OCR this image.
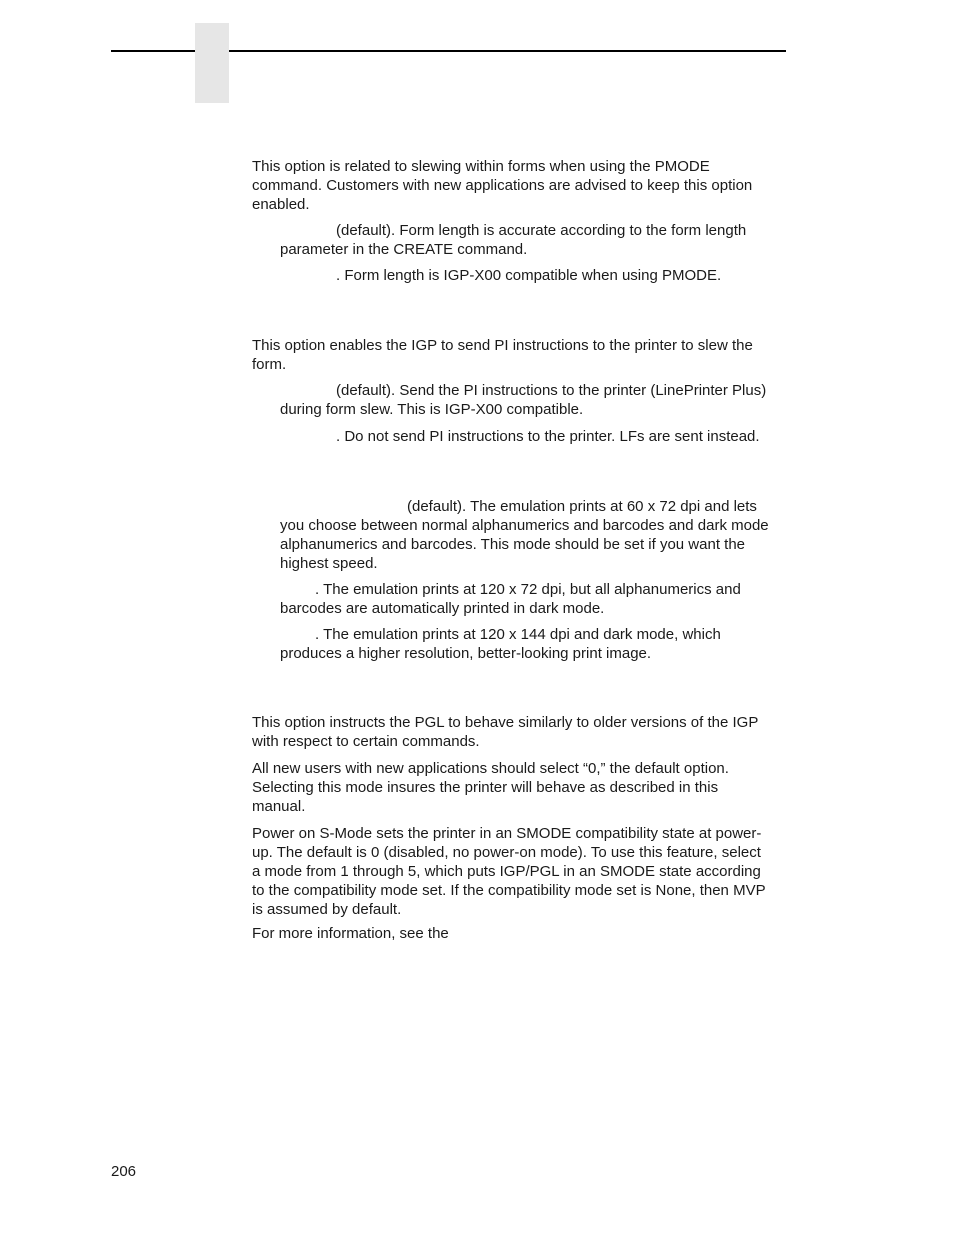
This option is related to slewing within forms when using the PMODE
command. Customers with new applications are advised to keep this option
enabled.

(default). Form length is accurate according to the form length
parameter in the CREATE command.

. Form length is IGP-X00 compatible when using PMODE.

This option enables the IGP to send PI instructions to the printer to slew the
form.

(default). Send the PI instructions to the printer (LinePrinter Plus)
during form slew. This is IGP-X00 compatible.

. Do not send PI instructions to the printer. LFs are sent instead.

(default). The emulation prints at 60 x 72 dpi and lets
you choose between normal alphanumerics and barcodes and dark mode
alphanumerics and barcodes. This mode should be set if you want the
highest speed.

. The emulation prints at 120 x 72 dpi, but all alphanumerics and
barcodes are automatically printed in dark mode.

. The emulation prints at 120 x 144 dpi and dark mode, which
produces a higher resolution, better-looking print image.

This option instructs the PGL to behave similarly to older versions of the IGP
with respect to certain commands.

All new users with new applications should select “0,” the default option.
Selecting this mode insures the printer will behave as described in this
manual.

Power on S-Mode sets the printer in an SMODE compatibility state at power-
up. The default is 0 (disabled, no power-on mode). To use this feature, select
a mode from 1 through 5, which puts IGP/PGL in an SMODE state according
to the compatibility mode set. If the compatibility mode set is None, then MVP
is assumed by default.

For more information, see the

206
